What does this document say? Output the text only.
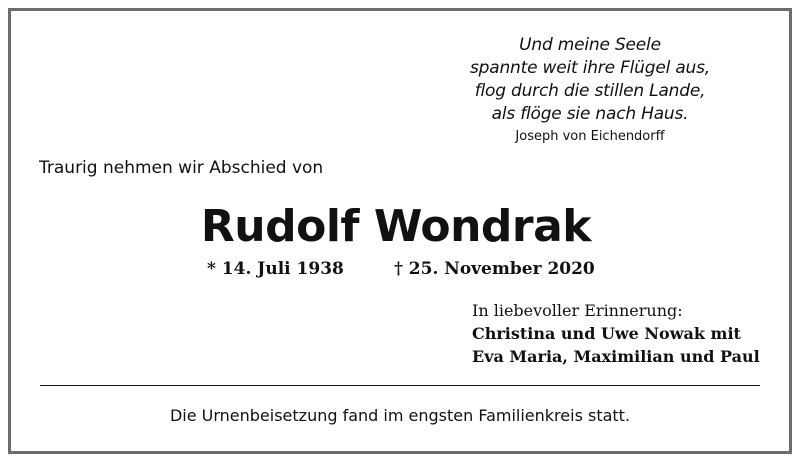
Und meine Seele
spannte weit ihre Flügel aus,
flog durch die stillen Lande,
als flöge sie nach Haus.
Joseph von Eichendorff
Traurig nehmen wir Abschied von
Rudolf Wondrak
* 14. Juli 1938	† 25. November 2020
In liebevoller Erinnerung:
Christina und Uwe Nowak mit
Eva Maria, Maximilian und Paul
Die Urnenbeisetzung fand im engsten Familienkreis statt.
